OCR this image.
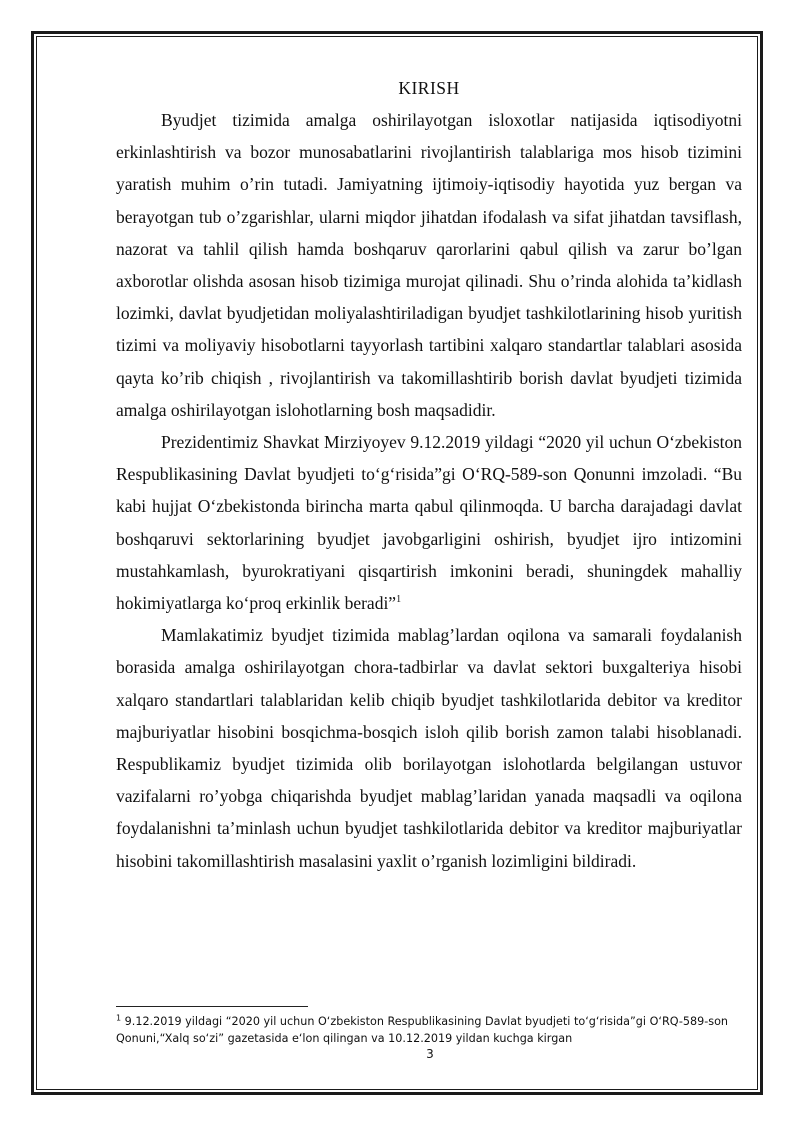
KIRISH

Byudjet tizimida amalga oshirilayotgan isloxotlar natijasida iqtisodiyotni erkinlashtirish va bozor munosabatlarini rivojlantirish talablariga mos hisob tizimini yaratish muhim o’rin tutadi. Jamiyatning ijtimoiy-iqtisodiy hayotida yuz bergan va berayotgan tub o’zgarishlar, ularni miqdor jihatdan ifodalash va sifat jihatdan tavsiflash, nazorat va tahlil qilish hamda boshqaruv qarorlarini qabul qilish va zarur bo’lgan axborotlar olishda asosan hisob tizimiga murojat qilinadi. Shu o’rinda alohida ta’kidlash lozimki, davlat byudjetidan moliyalashtiriladigan byudjet tashkilotlarining hisob yuritish tizimi va moliyaviy hisobotlarni tayyorlash tartibini xalqaro standartlar talablari asosida qayta ko’rib chiqish , rivojlantirish va takomillashtirib borish davlat byudjeti tizimida amalga oshirilayotgan islohotlarning bosh maqsadidir.

Prezidentimiz Shavkat Mirziyoyev 9.12.2019 yildagi “2020 yil uchun O‘zbekiston Respublikasining Davlat byudjeti to‘g‘risida”gi O‘RQ-589-son Qonunni imzoladi. “Bu kabi hujjat O‘zbekistonda birincha marta qabul qilinmoqda. U barcha darajadagi davlat boshqaruvi sektorlarining byudjet javobgarligini oshirish, byudjet ijro intizomini mustahkamlash, byurokratiyani qisqartirish imkonini beradi, shuningdek mahalliy hokimiyatlarga ko‘proq erkinlik beradi”$^1$

Mamlakatimiz byudjet tizimida mablag’lardan oqilona va samarali foydalanish borasida amalga oshirilayotgan chora-tadbirlar va davlat sektori buxgalteriya hisobi xalqaro standartlari talablaridan kelib chiqib byudjet tashkilotlarida debitor va kreditor majburiyatlar hisobini bosqichma-bosqich isloh qilib borish zamon talabi hisoblanadi. Respublikamiz byudjet tizimida olib borilayotgan islohotlarda belgilangan ustuvor vazifalarni ro’yobga chiqarishda byudjet mablag’laridan yanada maqsadli va oqilona foydalanishni ta’minlash uchun byudjet tashkilotlarida debitor va kreditor majburiyatlar hisobini takomillashtirish masalasini yaxlit o’rganish lozimligini bildiradi.

$^1$ 9.12.2019 yildagi “2020 yil uchun O‘zbekiston Respublikasining Davlat byudjeti to‘g‘risida”gi O‘RQ-589-son Qonuni,“Xalq so‘zi” gazetasida e‘lon qilingan va 10.12.2019 yildan kuchga kirgan
3
